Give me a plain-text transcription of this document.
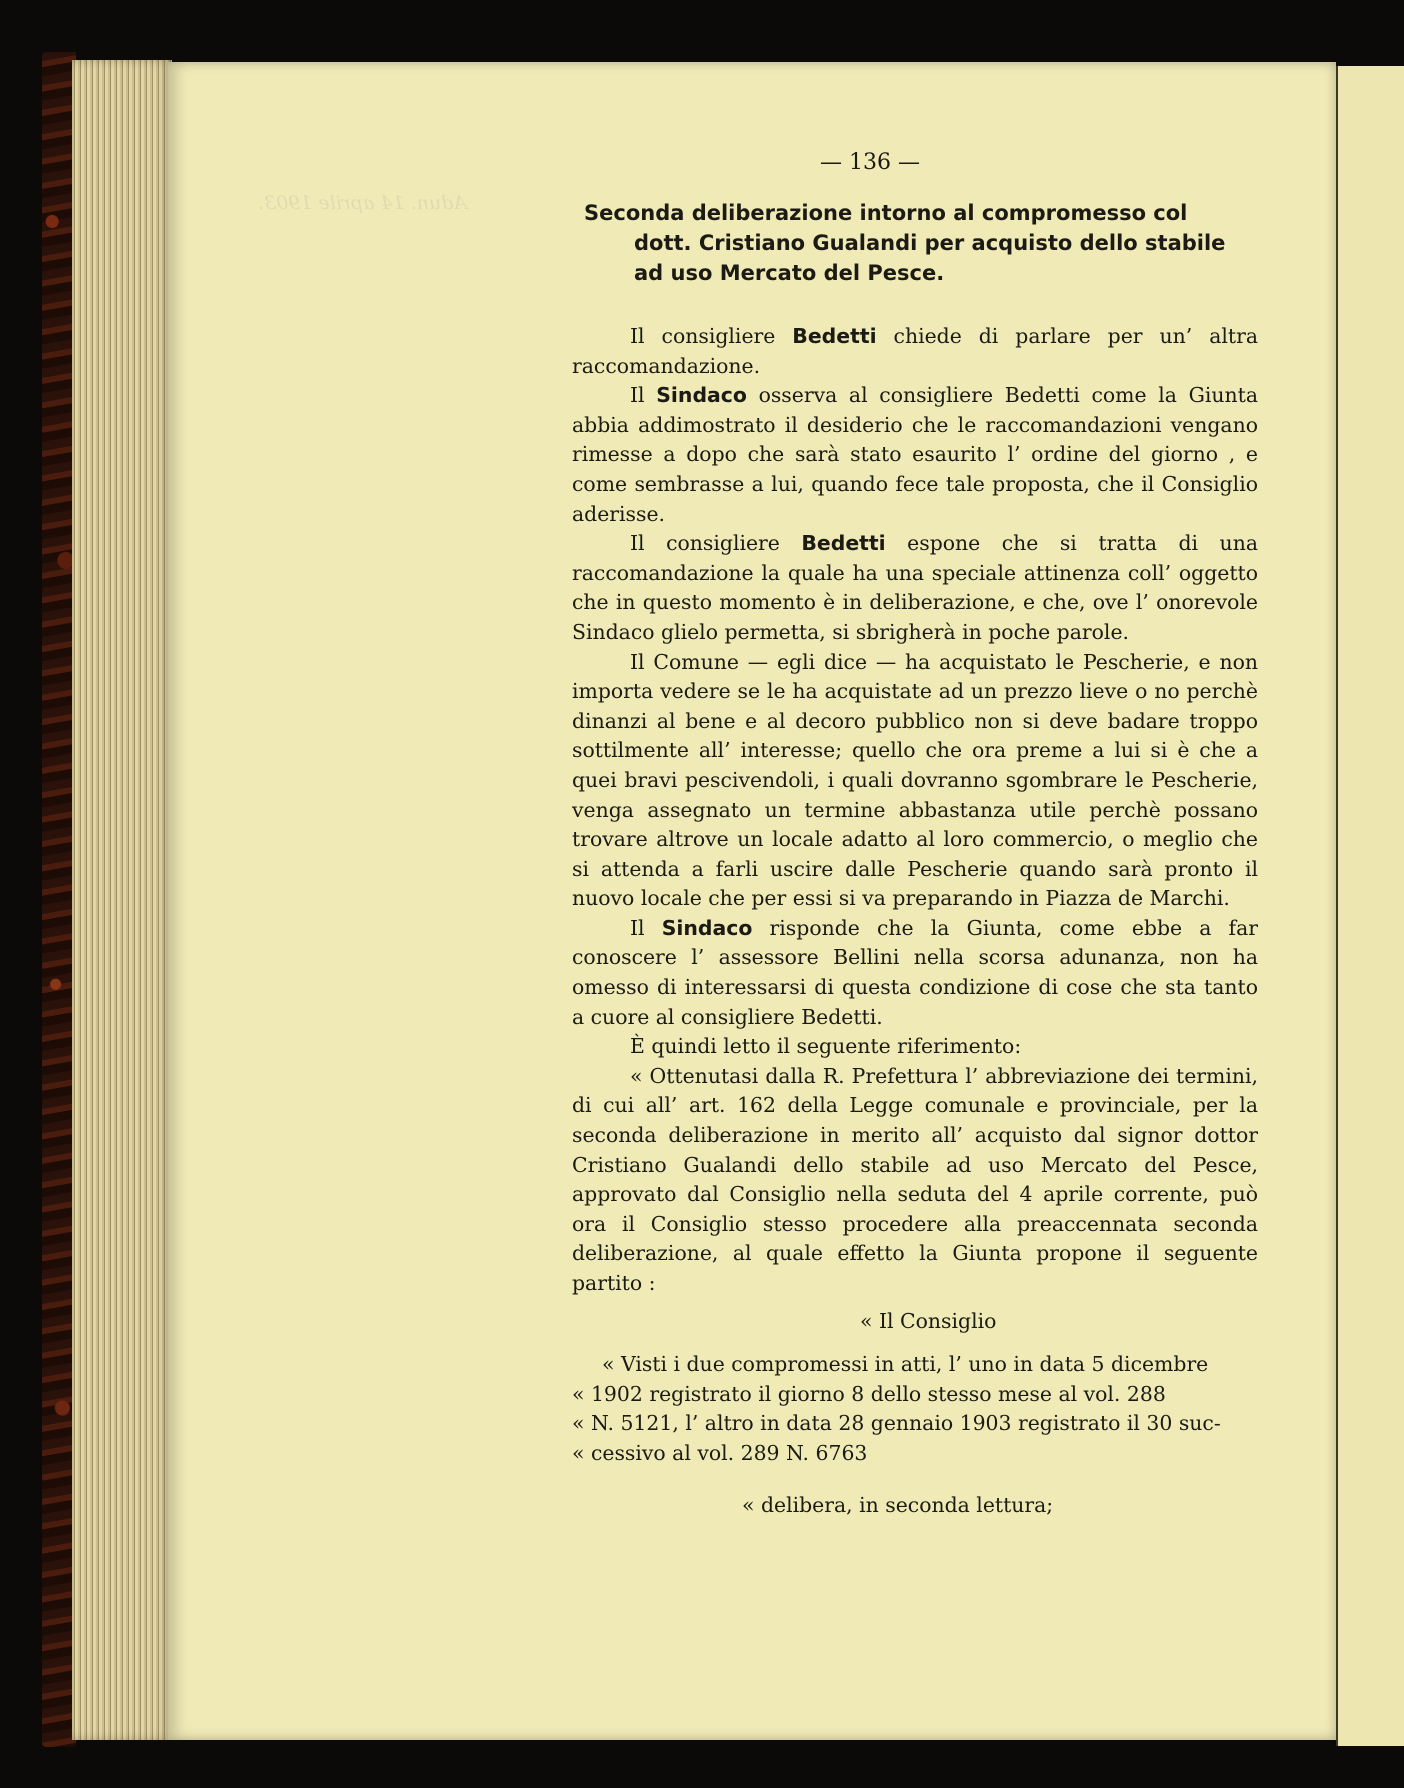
Adun. 14 aprile 1903.
— 136 —
Seconda deliberazione intorno al compromesso col
dott. Cristiano Gualandi per acquisto dello stabile
ad uso Mercato del Pesce.

Il consigliere Bedetti chiede di parlare per un’ altra raccomandazione.

Il Sindaco osserva al consigliere Bedetti come la Giunta abbia addimostrato il desiderio che le raccomandazioni vengano rimesse a dopo che sarà stato esaurito l’ ordine del giorno , e come sembrasse a lui, quando fece tale proposta, che il Consiglio aderisse.

Il consigliere Bedetti espone che si tratta di una raccomandazione la quale ha una speciale attinenza coll’ oggetto che in questo momento è in deliberazione, e che, ove l’ onorevole Sindaco glielo permetta, si sbrigherà in poche parole.

Il Comune — egli dice — ha acquistato le Pescherie, e non importa vedere se le ha acquistate ad un prezzo lieve o no perchè dinanzi al bene e al decoro pubblico non si deve badare troppo sottilmente all’ interesse; quello che ora preme a lui si è che a quei bravi pescivendoli, i quali dovranno sgombrare le Pescherie, venga assegnato un termine abbastanza utile perchè possano trovare altrove un locale adatto al loro commercio, o meglio che si attenda a farli uscire dalle Pescherie quando sarà pronto il nuovo locale che per essi si va preparando in Piazza de Marchi.

Il Sindaco risponde che la Giunta, come ebbe a far conoscere l’ assessore Bellini nella scorsa adunanza, non ha omesso di interessarsi di questa condizione di cose che sta tanto a cuore al consigliere Bedetti.

È quindi letto il seguente riferimento:

« Ottenutasi dalla R. Prefettura l’ abbreviazione dei termini, di cui all’ art. 162 della Legge comunale e provinciale, per la seconda deliberazione in merito all’ acquisto dal signor dottor Cristiano Gualandi dello stabile ad uso Mercato del Pesce, approvato dal Consiglio nella seduta del 4 aprile corrente, può ora il Consiglio stesso procedere alla preaccennata seconda deliberazione, al quale effetto la Giunta propone il seguente partito :

« Il Consiglio

« Visti i due compromessi in atti, l’ uno in data 5 dicembre

« 1902 registrato il giorno 8 dello stesso mese al vol. 288

« N. 5121, l’ altro in data 28 gennaio 1903 registrato il 30 suc-

« cessivo al vol. 289 N. 6763

« delibera, in seconda lettura;
